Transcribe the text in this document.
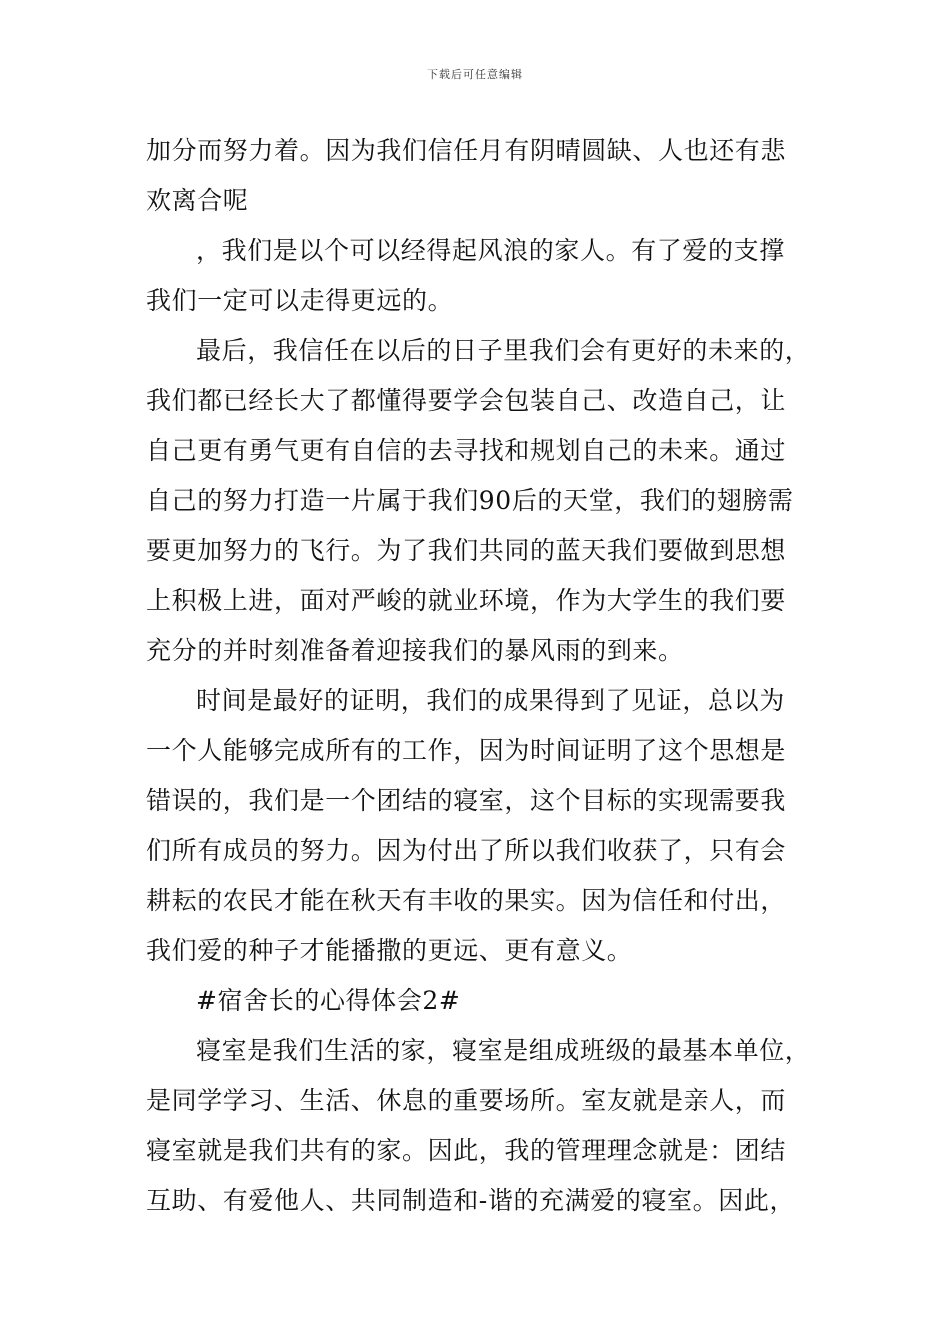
下载后可任意编辑
加分而努力着。因为我们信任月有阴晴圆缺、人也还有悲
欢离合呢
，我们是以个可以经得起风浪的家人。有了爱的支撑
我们一定可以走得更远的。
最后，我信任在以后的日子里我们会有更好的未来的，
我们都已经长大了都懂得要学会包装自己、改造自己，让
自己更有勇气更有自信的去寻找和规划自己的未来。通过
自己的努力打造一片属于我们90后的天堂，我们的翅膀需
要更加努力的飞行。为了我们共同的蓝天我们要做到思想
上积极上进，面对严峻的就业环境，作为大学生的我们要
充分的并时刻准备着迎接我们的暴风雨的到来。
时间是最好的证明，我们的成果得到了见证，总以为
一个人能够完成所有的工作，因为时间证明了这个思想是
错误的，我们是一个团结的寝室，这个目标的实现需要我
们所有成员的努力。因为付出了所以我们收获了，只有会
耕耘的农民才能在秋天有丰收的果实。因为信任和付出，
我们爱的种子才能播撒的更远、更有意义。
#宿舍长的心得体会2#
寝室是我们生活的家，寝室是组成班级的最基本单位，
是同学学习、生活、休息的重要场所。室友就是亲人，而
寝室就是我们共有的家。因此，我的管理理念就是：团结
互助、有爱他人、共同制造和-谐的充满爱的寝室。因此，
